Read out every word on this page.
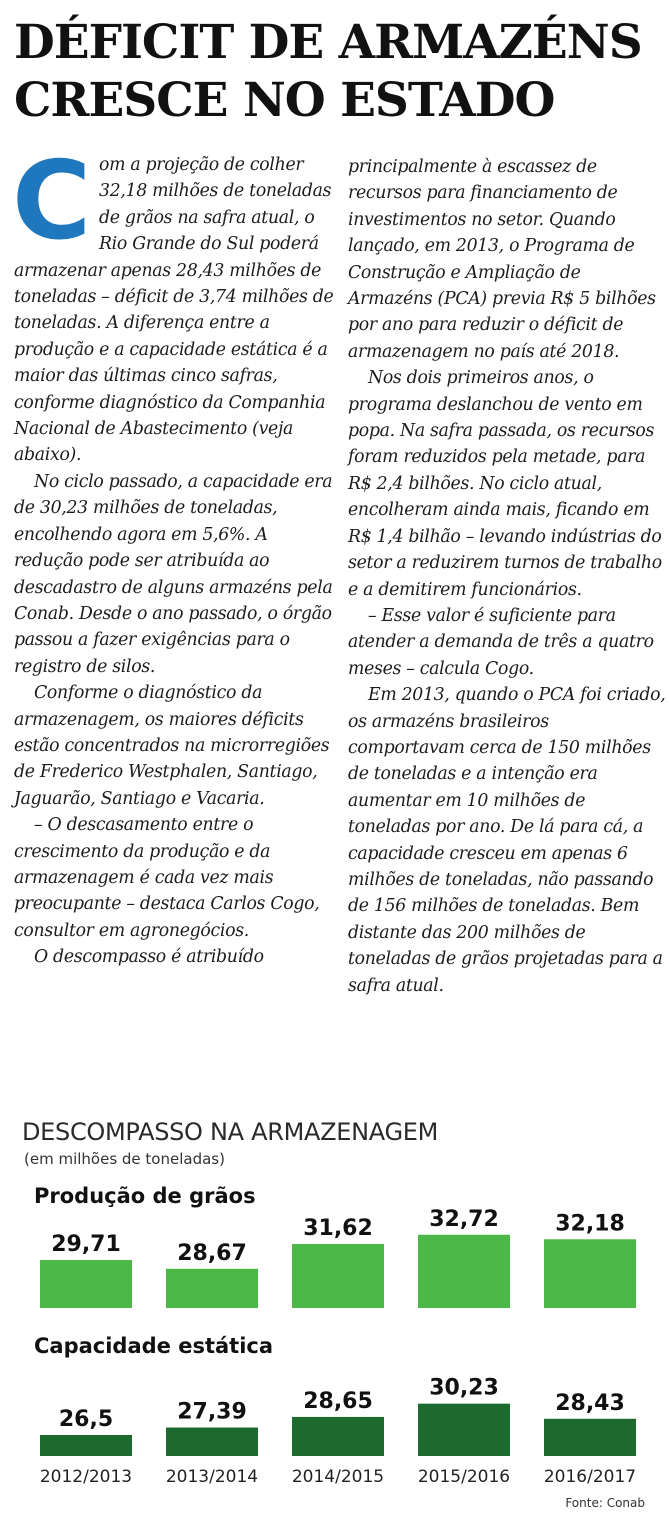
DÉFICIT DE ARMAZÉNS CRESCE NO ESTADO
C om a projeção de colher 32,18 milhões de toneladas de grãos na safra atual, o Rio Grande do Sul poderá armazenar apenas 28,43 milhões de toneladas – déficit de 3,74 milhões de toneladas. A diferença entre a produção e a capacidade estática é a maior das últimas cinco safras, conforme diagnóstico da Companhia Nacional de Abastecimento (veja abaixo).

No ciclo passado, a capacidade era de 30,23 milhões de toneladas, encolhendo agora em 5,6%. A redução pode ser atribuída ao descadastro de alguns armazéns pela Conab. Desde o ano passado, o órgão passou a fazer exigências para o registro de silos.

Conforme o diagnóstico da armazenagem, os maiores déficits estão concentrados na microrregiões de Frederico Westphalen, Santiago, Jaguarão, Santiago e Vacaria.

– O descasamento entre o crescimento da produção e da armazenagem é cada vez mais preocupante – destaca Carlos Cogo, consultor em agronegócios.

O descompasso é atribuído

principalmente à escassez de recursos para financiamento de investimentos no setor. Quando lançado, em 2013, o Programa de Construção e Ampliação de Armazéns (PCA) previa R$ 5 bilhões por ano para reduzir o déficit de armazenagem no país até 2018.

Nos dois primeiros anos, o programa deslanchou de vento em popa. Na safra passada, os recursos foram reduzidos pela metade, para R$ 2,4 bilhões. No ciclo atual, encolheram ainda mais, ficando em R$ 1,4 bilhão – levando indústrias do setor a reduzirem turnos de trabalho e a demitirem funcionários.

– Esse valor é suficiente para atender a demanda de três a quatro meses – calcula Cogo.

Em 2013, quando o PCA foi criado, os armazéns brasileiros comportavam cerca de 150 milhões de toneladas e a intenção era aumentar em 10 milhões de toneladas por ano. De lá para cá, a capacidade cresceu em apenas 6 milhões de toneladas, não passando de 156 milhões de toneladas. Bem distante das 200 milhões de toneladas de grãos projetadas para a safra atual.

DESCOMPASSO NA ARMAZENAGEM
(em milhões de toneladas)
Produção de grãos
Capacidade estática
29,71	28,67
31,62	32,72	32,18
26,5	27,39	28,65
30,23
28,43
2012/2013 2013/2014 2014/2015 2015/2016 2016/2017
Fonte: Conab
